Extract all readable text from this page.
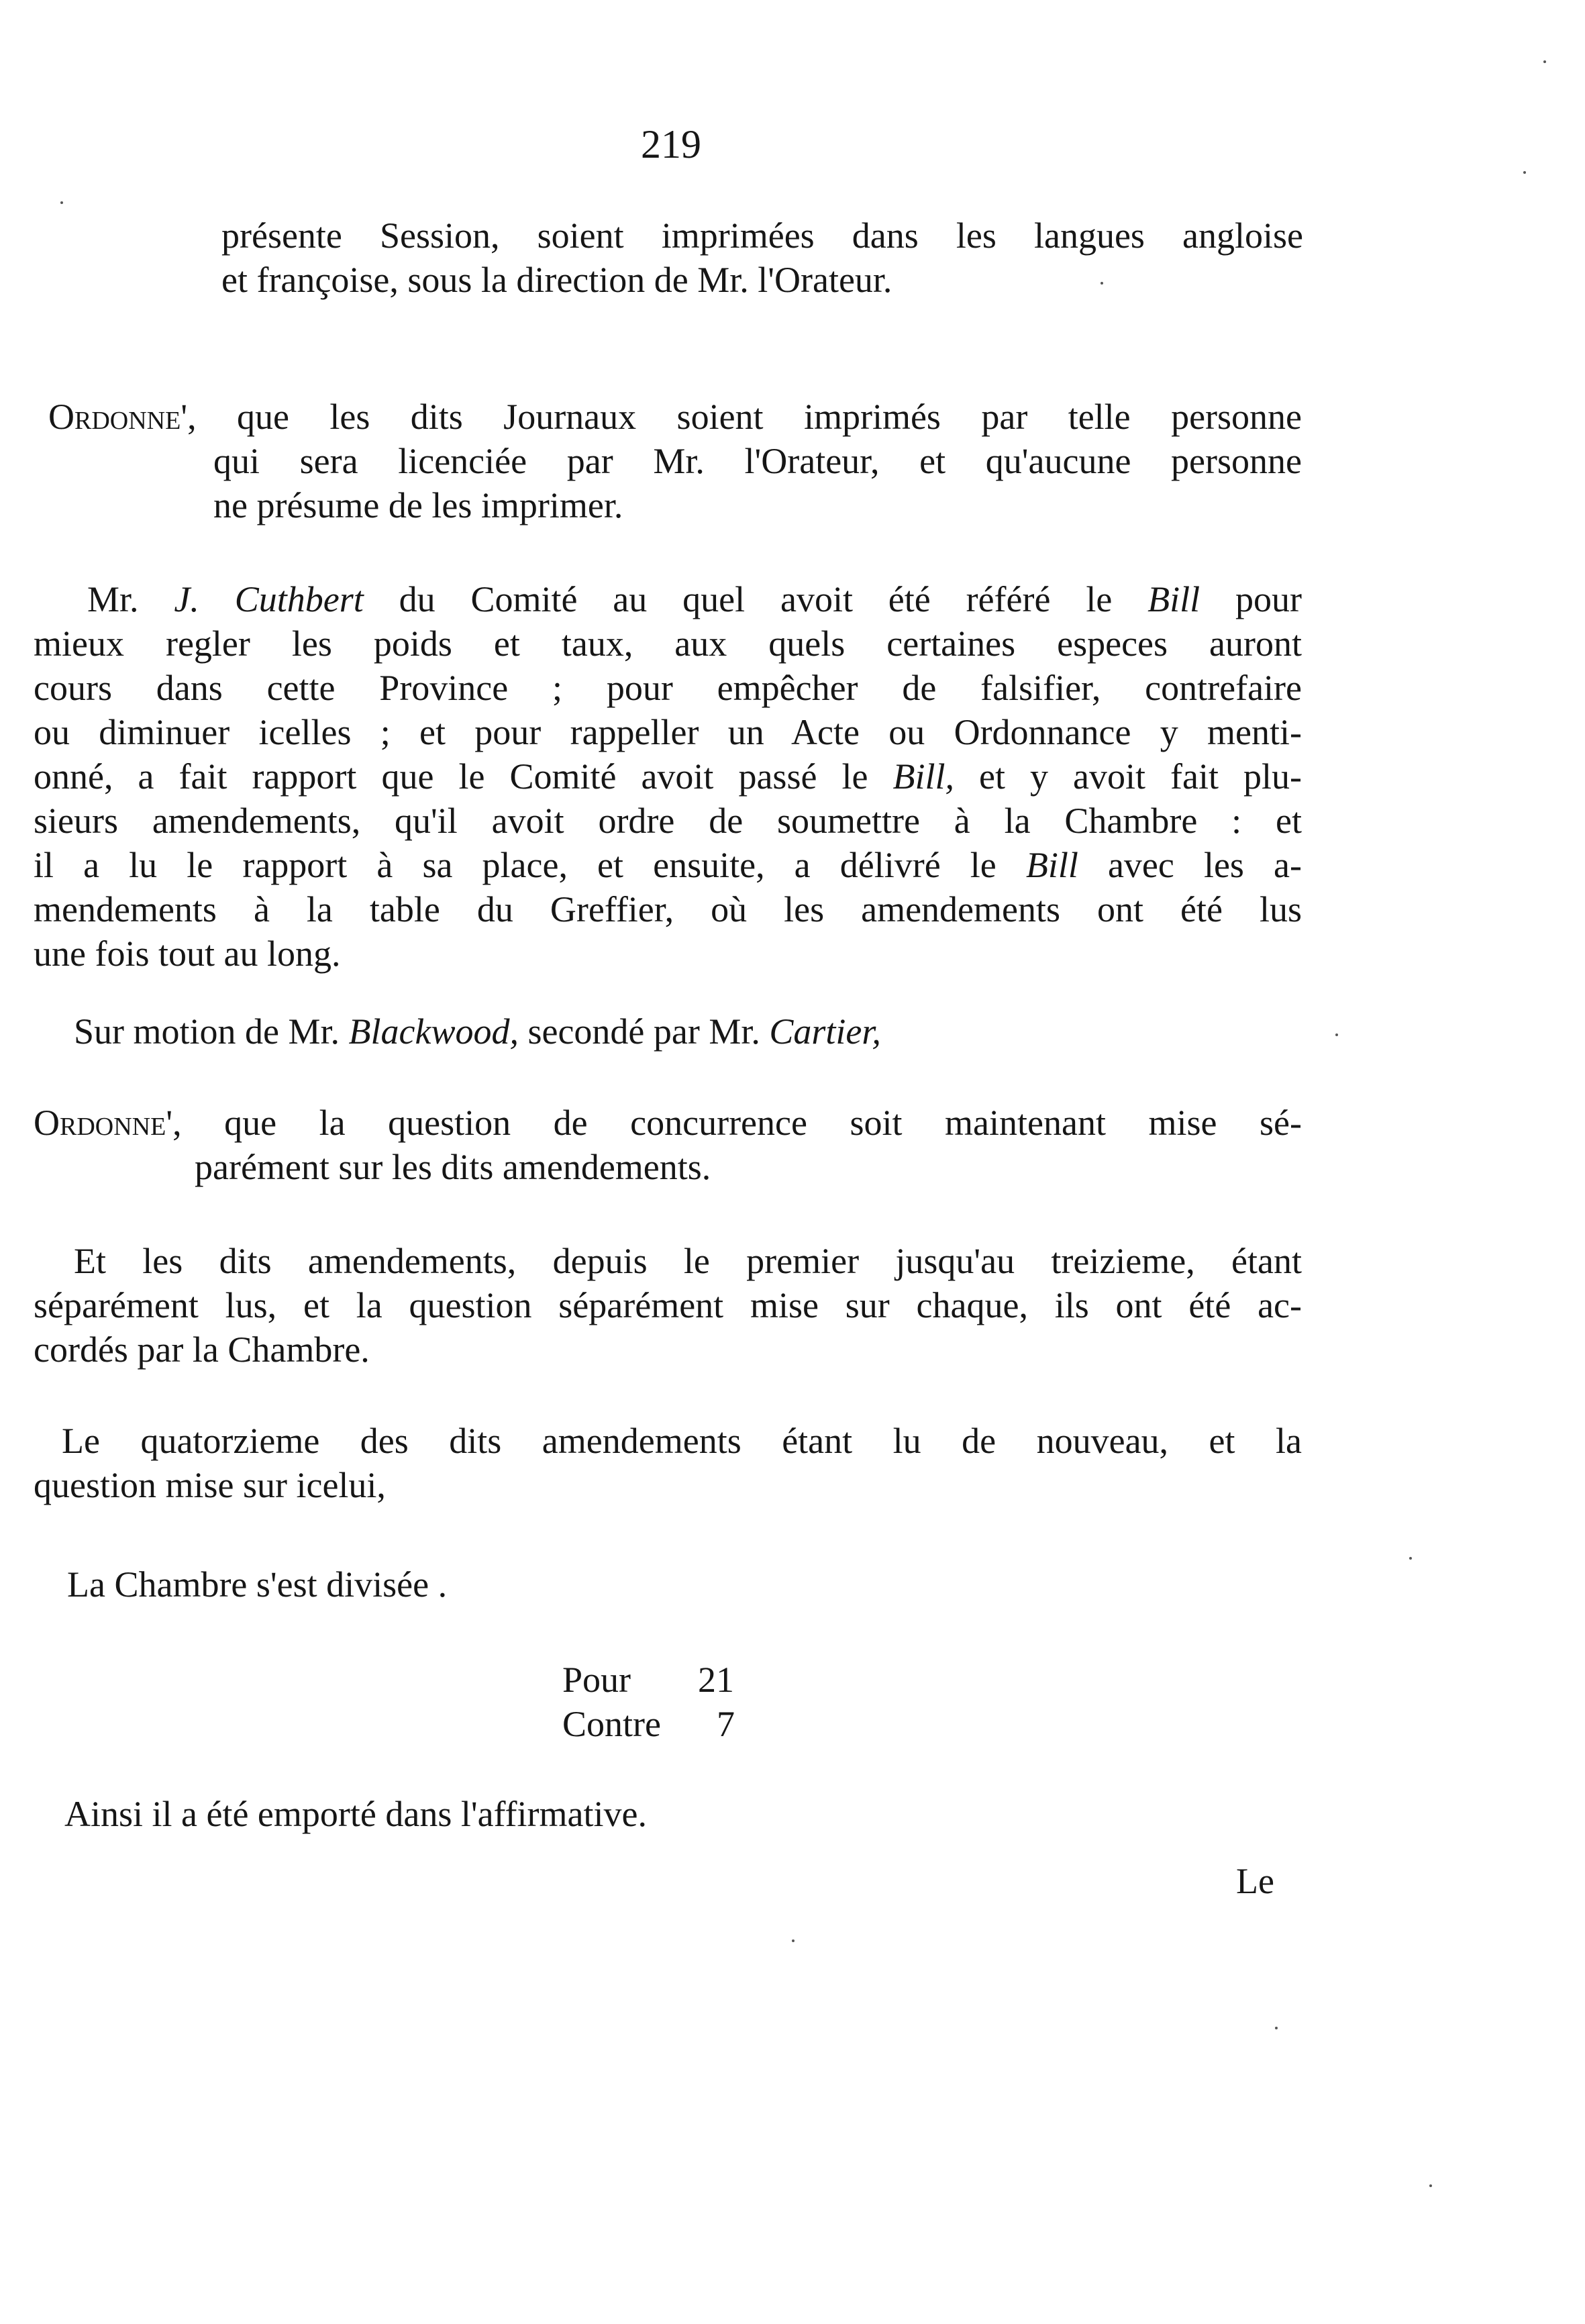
219
présente Session, soient imprimées dans les langues angloise
et françoise, sous la direction de Mr. l'Orateur.
Ordonne', que les dits Journaux soient imprimés par telle personne
qui sera licenciée par Mr. l'Orateur, et qu'aucune personne
ne présume de les imprimer.
Mr. J. Cuthbert du Comité au quel avoit été référé le Bill pour
mieux regler les poids et taux, aux quels certaines especes auront
cours dans cette Province ; pour empêcher de falsifier, contrefaire
ou diminuer icelles ; et pour rappeller un Acte ou Ordonnance y menti-
onné, a fait rapport que le Comité avoit passé le Bill, et y avoit fait plu-
sieurs amendements, qu'il avoit ordre de soumettre à la Chambre : et
il a lu le rapport à sa place, et ensuite, a délivré le Bill avec les a-
mendements à la table du Greffier, où les amendements ont été lus
une fois tout au long.
Sur motion de Mr. Blackwood, secondé par Mr. Cartier,
Ordonne', que la question de concurrence soit maintenant mise sé-
parément sur les dits amendements.
Et les dits amendements, depuis le premier jusqu'au treizieme, étant
séparément lus, et la question séparément mise sur chaque, ils ont été ac-
cordés par la Chambre.
Le quatorzieme des dits amendements étant lu de nouveau, et la
question mise sur icelui,
La Chambre s'est divisée .
Pour 21
Contre 7
Ainsi il a été emporté dans l'affirmative.
Le
